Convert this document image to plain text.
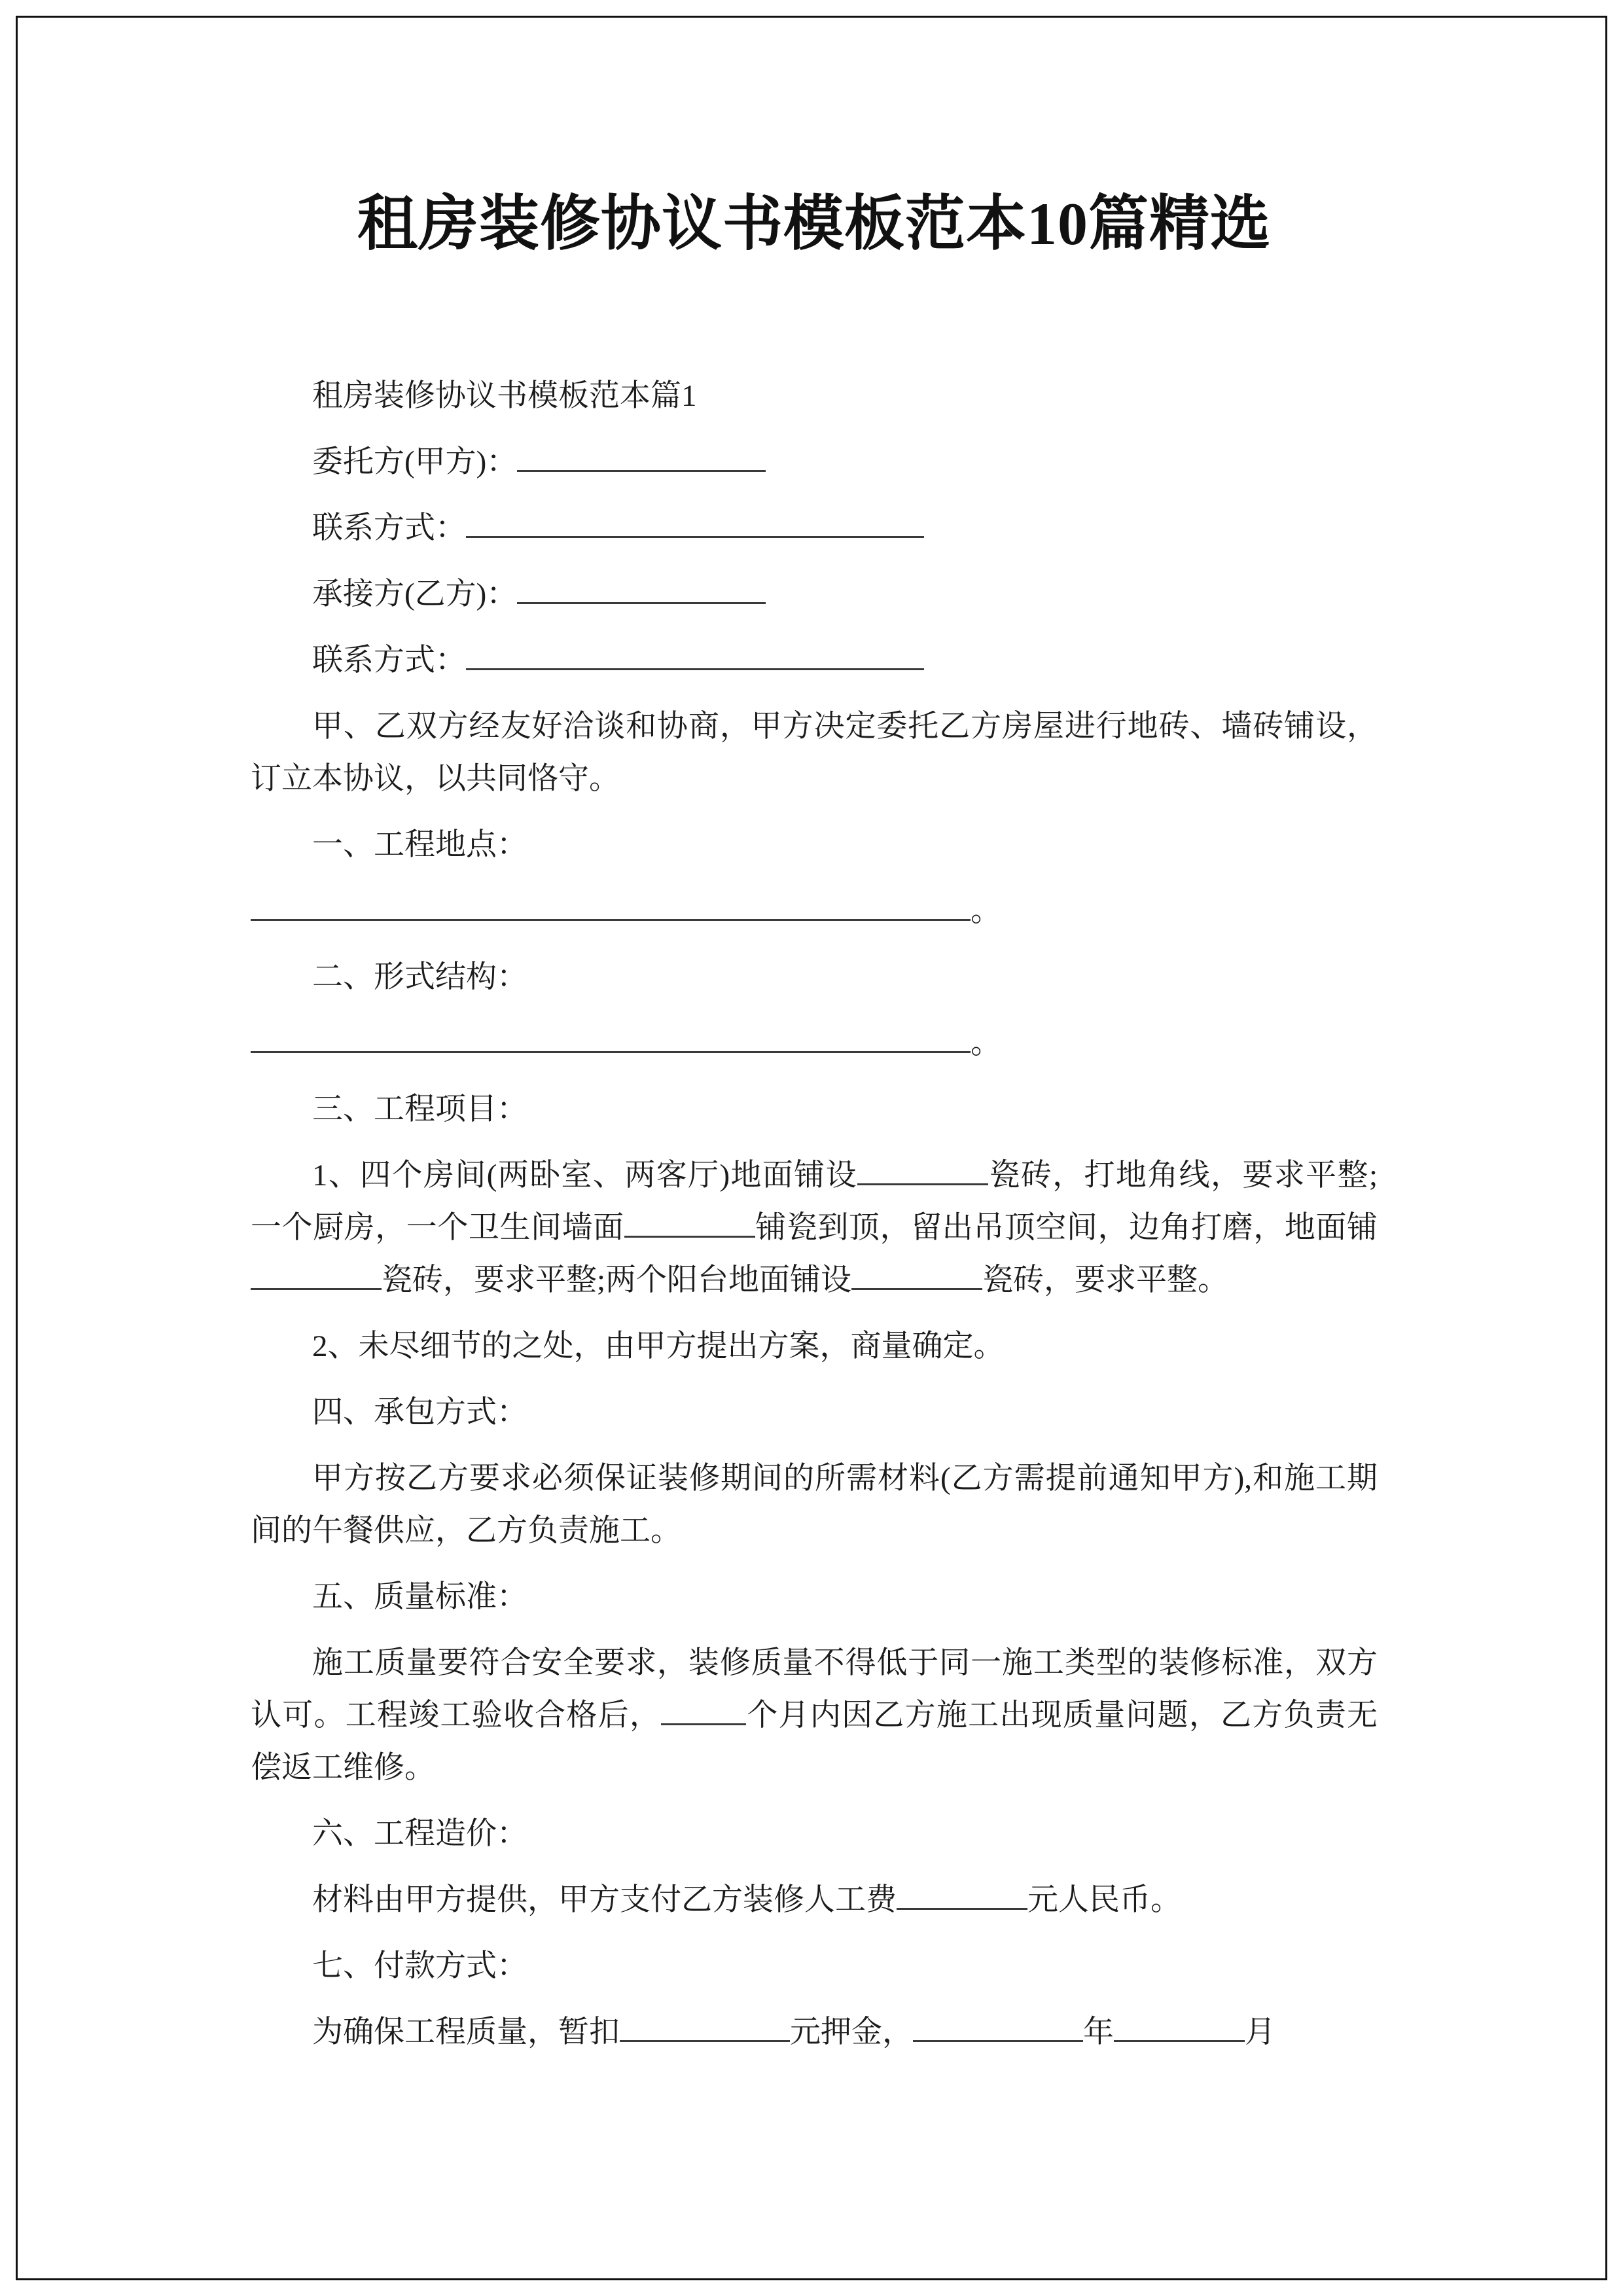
租房装修协议书模板范本10篇精选

租房装修协议书模板范本篇1

委托方(甲方)：

联系方式：

承接方(乙方)：

联系方式：

甲、乙双方经友好洽谈和协商，甲方决定委托乙方房屋进行地砖、墙砖铺设，订立本协议，以共同恪守。

一、工程地点：

。

二、形式结构：

。

三、工程项目：

1、四个房间(两卧室、两客厅)地面铺设	瓷砖，打地角线，要求平整;一个厨房，一个卫生间墙面	铺瓷到顶，留出吊顶空间，边角打磨，地面铺瓷砖，要求平整;两个阳台地面铺设	瓷砖，要求平整。

2、未尽细节的之处，由甲方提出方案，商量确定。

四、承包方式：

甲方按乙方要求必须保证装修期间的所需材料(乙方需提前通知甲方),和施工期间的午餐供应，乙方负责施工。

五、质量标准：

施工质量要符合安全要求，装修质量不得低于同一施工类型的装修标准，双方认可。工程竣工验收合格后，	个月内因乙方施工出现质量问题，乙方负责无偿返工维修。

六、工程造价：

材料由甲方提供，甲方支付乙方装修人工费	元人民币。

七、付款方式：

为确保工程质量，暂扣	元押金，	年	月
